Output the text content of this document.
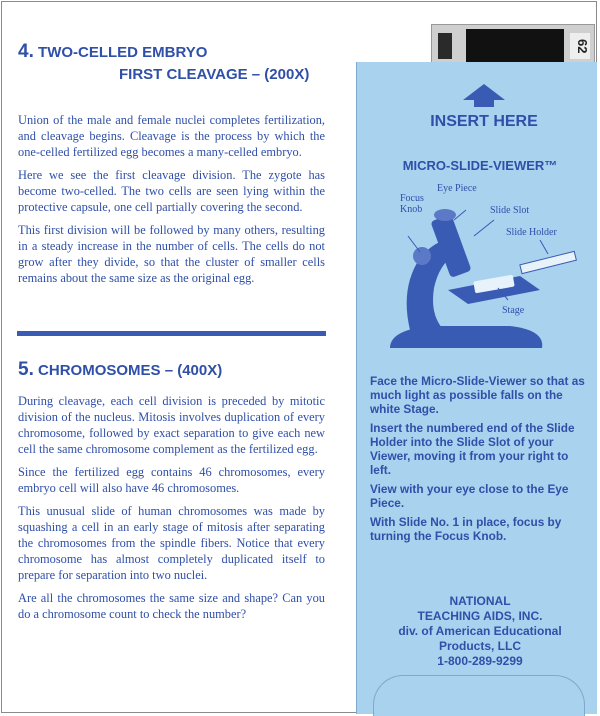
4. TWO-CELLED EMBRYO
FIRST CLEAVAGE – (200X)

Union of the male and female nuclei completes fertilization, and cleavage begins. Cleavage is the process by which the one-celled fertilized egg becomes a many-celled embryo.

Here we see the first cleavage division. The zygote has become two-celled. The two cells are seen lying within the protective capsule, one cell partially covering the second.

This first division will be followed by many others, resulting in a steady increase in the number of cells. The cells do not grow after they divide, so that the cluster of smaller cells remains about the same size as the original egg.

5. CHROMOSOMES – (400X)

During cleavage, each cell division is preceded by mitotic division of the nucleus. Mitosis involves duplication of every chromosome, followed by exact separation to give each new cell the same chromosome complement as the fertilized egg.

Since the fertilized egg contains 46 chromosomes, every embryo cell will also have 46 chromosomes.

This unusual slide of human chromosomes was made by squashing a cell in an early stage of mitosis after separating the chromosomes from the spindle fibers. Notice that every chromosome has almost completely duplicated itself to prepare for separation into two nuclei.

Are all the chromosomes the same size and shape? Can you do a chromosome count to check the number?

62
INSERT HERE
MICRO-SLIDE-VIEWER™
Focus
Knob
Eye Piece
Slide Slot
Slide Holder
Stage

Face the Micro-Slide-Viewer so that as much light as possible falls on the white Stage.

Insert the numbered end of the Slide Holder into the Slide Slot of your Viewer, moving it from your right to left.

View with your eye close to the Eye Piece.

With Slide No. 1 in place, focus by turning the Focus Knob.

NATIONAL
TEACHING AIDS, INC.
div. of American Educational
Products, LLC
1-800-289-9299
